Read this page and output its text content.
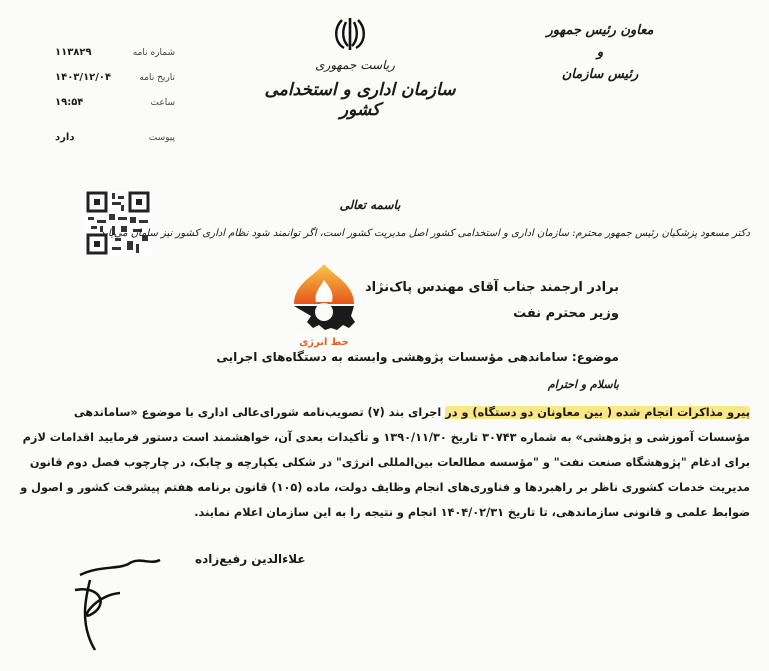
معاون رئیس جمهور
و
رئیس سازمان
ریاست جمهوری
سازمان اداری و استخدامی کشور
شماره نامه
۱۱۳۸۲۹
تاریخ نامه
۱۴۰۳/۱۲/۰۴
ساعت
۱۹:۵۴
پیوست
دارد
باسمه تعالی
دکتر مسعود پزشکیان رئیس جمهور محترم: سازمان اداری و استخدامی کشور اصل مدیریت کشور است، اگر توانمند شود نظام اداری کشور نیز سامان می‌یابد.
خط انرژی
برادر ارجمند جناب آقای مهندس پاک‌نژاد
وزیر محترم نفت
موضوع: ساماندهی مؤسسات پژوهشی وابسته به دستگاه‌های اجرایی
باسلام و احترام
پیرو مذاکرات انجام شده ( بین معاونان دو دستگاه) و در اجرای بند (۷) تصویب‌نامه شورای‌عالی اداری با موضوع «ساماندهی
مؤسسات آموزشی و پژوهشی» به شماره ۳۰۷۴۳ تاریخ ۱۳۹۰/۱۱/۳۰ و تأکیدات بعدی آن، خواهشمند است دستور فرمایید اقدامات لازم
برای ادغام "پژوهشگاه صنعت نفت" و "مؤسسه مطالعات بین‌المللی انرژی" در شکلی یکپارچه و چابک، در چارچوب فصل دوم قانون
مدیریت خدمات کشوری ناظر بر راهبردها و فناوری‌های انجام وظایف دولت، ماده (۱۰۵) قانون برنامه هفتم پیشرفت کشور و اصول و
ضوابط علمی و قانونی سازماندهی، تا تاریخ ۱۴۰۴/۰۲/۳۱ انجام و نتیجه را به این سازمان اعلام نمایند.
علاءالدین رفیع‌زاده
